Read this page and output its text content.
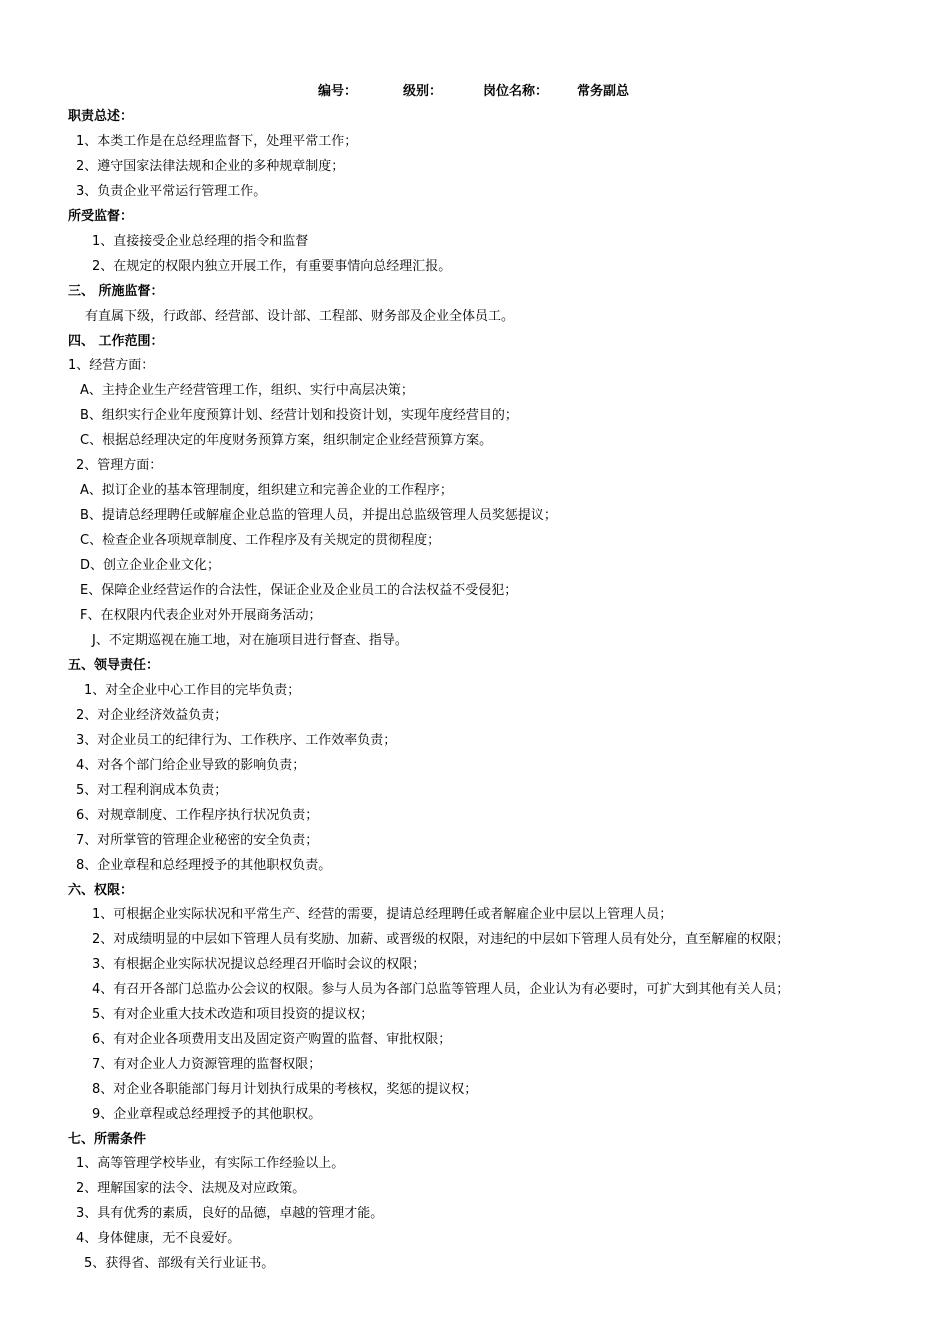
编号：	级别：	岗位名称： 常务副总
职责总述：
1、本类工作是在总经理监督下，处理平常工作；
2、遵守国家法律法规和企业的多种规章制度；
3、负责企业平常运行管理工作。
所受监督：
1、直接接受企业总经理的指令和监督
2、在规定的权限内独立开展工作，有重要事情向总经理汇报。
三、 所施监督：
有直属下级，行政部、经营部、设计部、工程部、财务部及企业全体员工。
四、 工作范围：
1、经营方面：
A、主持企业生产经营管理工作，组织、实行中高层决策；
B、组织实行企业年度预算计划、经营计划和投资计划，实现年度经营目的；
C、根据总经理决定的年度财务预算方案，组织制定企业经营预算方案。
2、管理方面：
A、拟订企业的基本管理制度，组织建立和完善企业的工作程序；
B、提请总经理聘任或解雇企业总监的管理人员，并提出总监级管理人员奖惩提议；
C、检查企业各项规章制度、工作程序及有关规定的贯彻程度；
D、创立企业企业文化；
E、保障企业经营运作的合法性，保证企业及企业员工的合法权益不受侵犯；
F、在权限内代表企业对外开展商务活动；
J、不定期巡视在施工地，对在施项目进行督查、指导。
五、领导责任：
1、对全企业中心工作目的完毕负责；
2、对企业经济效益负责；
3、对企业员工的纪律行为、工作秩序、工作效率负责；
4、对各个部门给企业导致的影响负责；
5、对工程利润成本负责；
6、对规章制度、工作程序执行状况负责；
7、对所掌管的管理企业秘密的安全负责；
8、企业章程和总经理授予的其他职权负责。
六、权限：
1、可根据企业实际状况和平常生产、经营的需要，提请总经理聘任或者解雇企业中层以上管理人员；
2、对成绩明显的中层如下管理人员有奖励、加薪、或晋级的权限，对违纪的中层如下管理人员有处分，直至解雇的权限；
3、有根据企业实际状况提议总经理召开临时会议的权限；
4、有召开各部门总监办公会议的权限。参与人员为各部门总监等管理人员，企业认为有必要时，可扩大到其他有关人员；
5、有对企业重大技术改造和项目投资的提议权；
6、有对企业各项费用支出及固定资产购置的监督、审批权限；
7、有对企业人力资源管理的监督权限；
8、对企业各职能部门每月计划执行成果的考核权，奖惩的提议权；
9、企业章程或总经理授予的其他职权。
七、所需条件
1、高等管理学校毕业，有实际工作经验以上。
2、理解国家的法令、法规及对应政策。
3、具有优秀的素质，良好的品德，卓越的管理才能。
4、身体健康，无不良爱好。
5、获得省、部级有关行业证书。
